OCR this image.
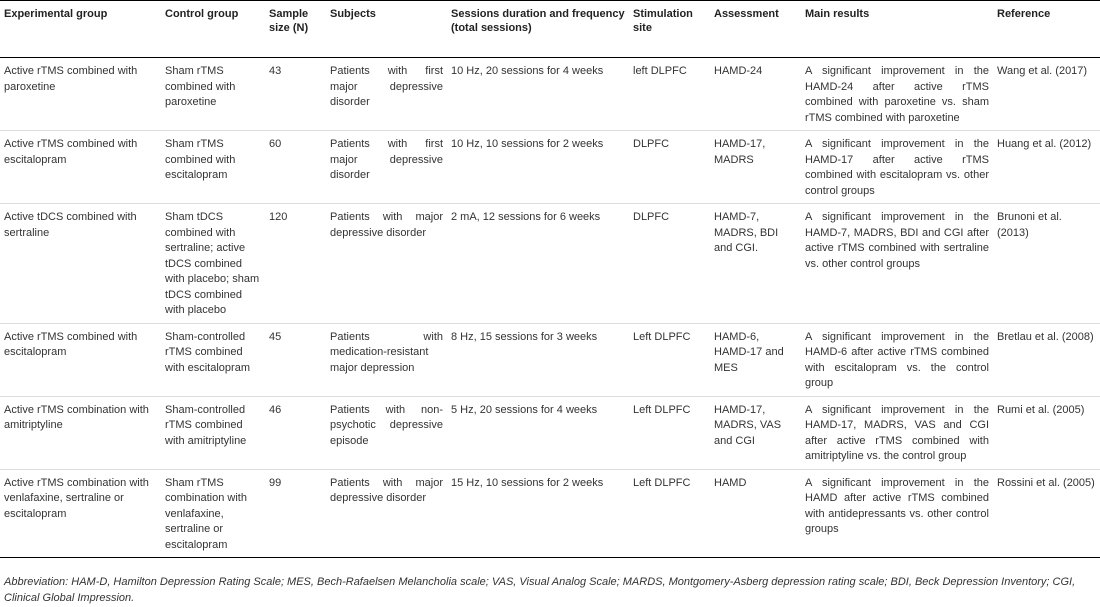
Experimental group	Control group	Sample size (N)	Subjects	Sessions duration and frequency (total sessions)	Stimulation site	Assessment	Main results	Reference
Active rTMS combined with paroxetine	Sham rTMS combined with paroxetine	43	Patients with first major depressive disorder	10 Hz, 20 sessions for 4 weeks	left DLPFC	HAMD-24	A significant improvement in the HAMD-24 after active rTMS combined with paroxetine vs. sham rTMS combined with paroxetine	Wang et al. (2017)
Active rTMS combined with escitalopram	Sham rTMS combined with escitalopram	60	Patients with first major depressive disorder	10 Hz, 10 sessions for 2 weeks	DLPFC	HAMD-17, MADRS	A significant improvement in the HAMD-17 after active rTMS combined with escitalopram vs. other control groups	Huang et al. (2012)
Active tDCS combined with sertraline	Sham tDCS combined with sertraline; active tDCS combined with placebo; sham tDCS combined with placebo	120	Patients with major depressive disorder	2 mA, 12 sessions for 6 weeks	DLPFC	HAMD-7, MADRS, BDI and CGI.	A significant improvement in the HAMD-7, MADRS, BDI and CGI after active rTMS combined with sertraline vs. other control groups	Brunoni et al. (2013)
Active rTMS combined with escitalopram	Sham-controlled rTMS combined with escitalopram	45	Patients with medication-resistant major depression	8 Hz, 15 sessions for 3 weeks	Left DLPFC	HAMD-6, HAMD-17 and MES	A significant improvement in the HAMD-6 after active rTMS combined with escitalopram vs. the control group	Bretlau et al. (2008)
Active rTMS combination with amitriptyline	Sham-controlled rTMS combined with amitriptyline	46	Patients with non-psychotic depressive episode	5 Hz, 20 sessions for 4 weeks	Left DLPFC	HAMD-17, MADRS, VAS and CGI	A significant improvement in the HAMD-17, MADRS, VAS and CGI after active rTMS combined with amitriptyline vs. the control group	Rumi et al. (2005)
Active rTMS combination with venlafaxine, sertraline or escitalopram	Sham rTMS combination with venlafaxine, sertraline or escitalopram	99	Patients with major depressive disorder	15 Hz, 10 sessions for 2 weeks	Left DLPFC	HAMD	A significant improvement in the HAMD after active rTMS combined with antidepressants vs. other control groups	Rossini et al. (2005)
Abbreviation: HAM-D, Hamilton Depression Rating Scale; MES, Bech-Rafaelsen Melancholia scale; VAS, Visual Analog Scale; MARDS, Montgomery-Asberg depression rating scale; BDI, Beck Depression Inventory; CGI, Clinical Global Impression.
